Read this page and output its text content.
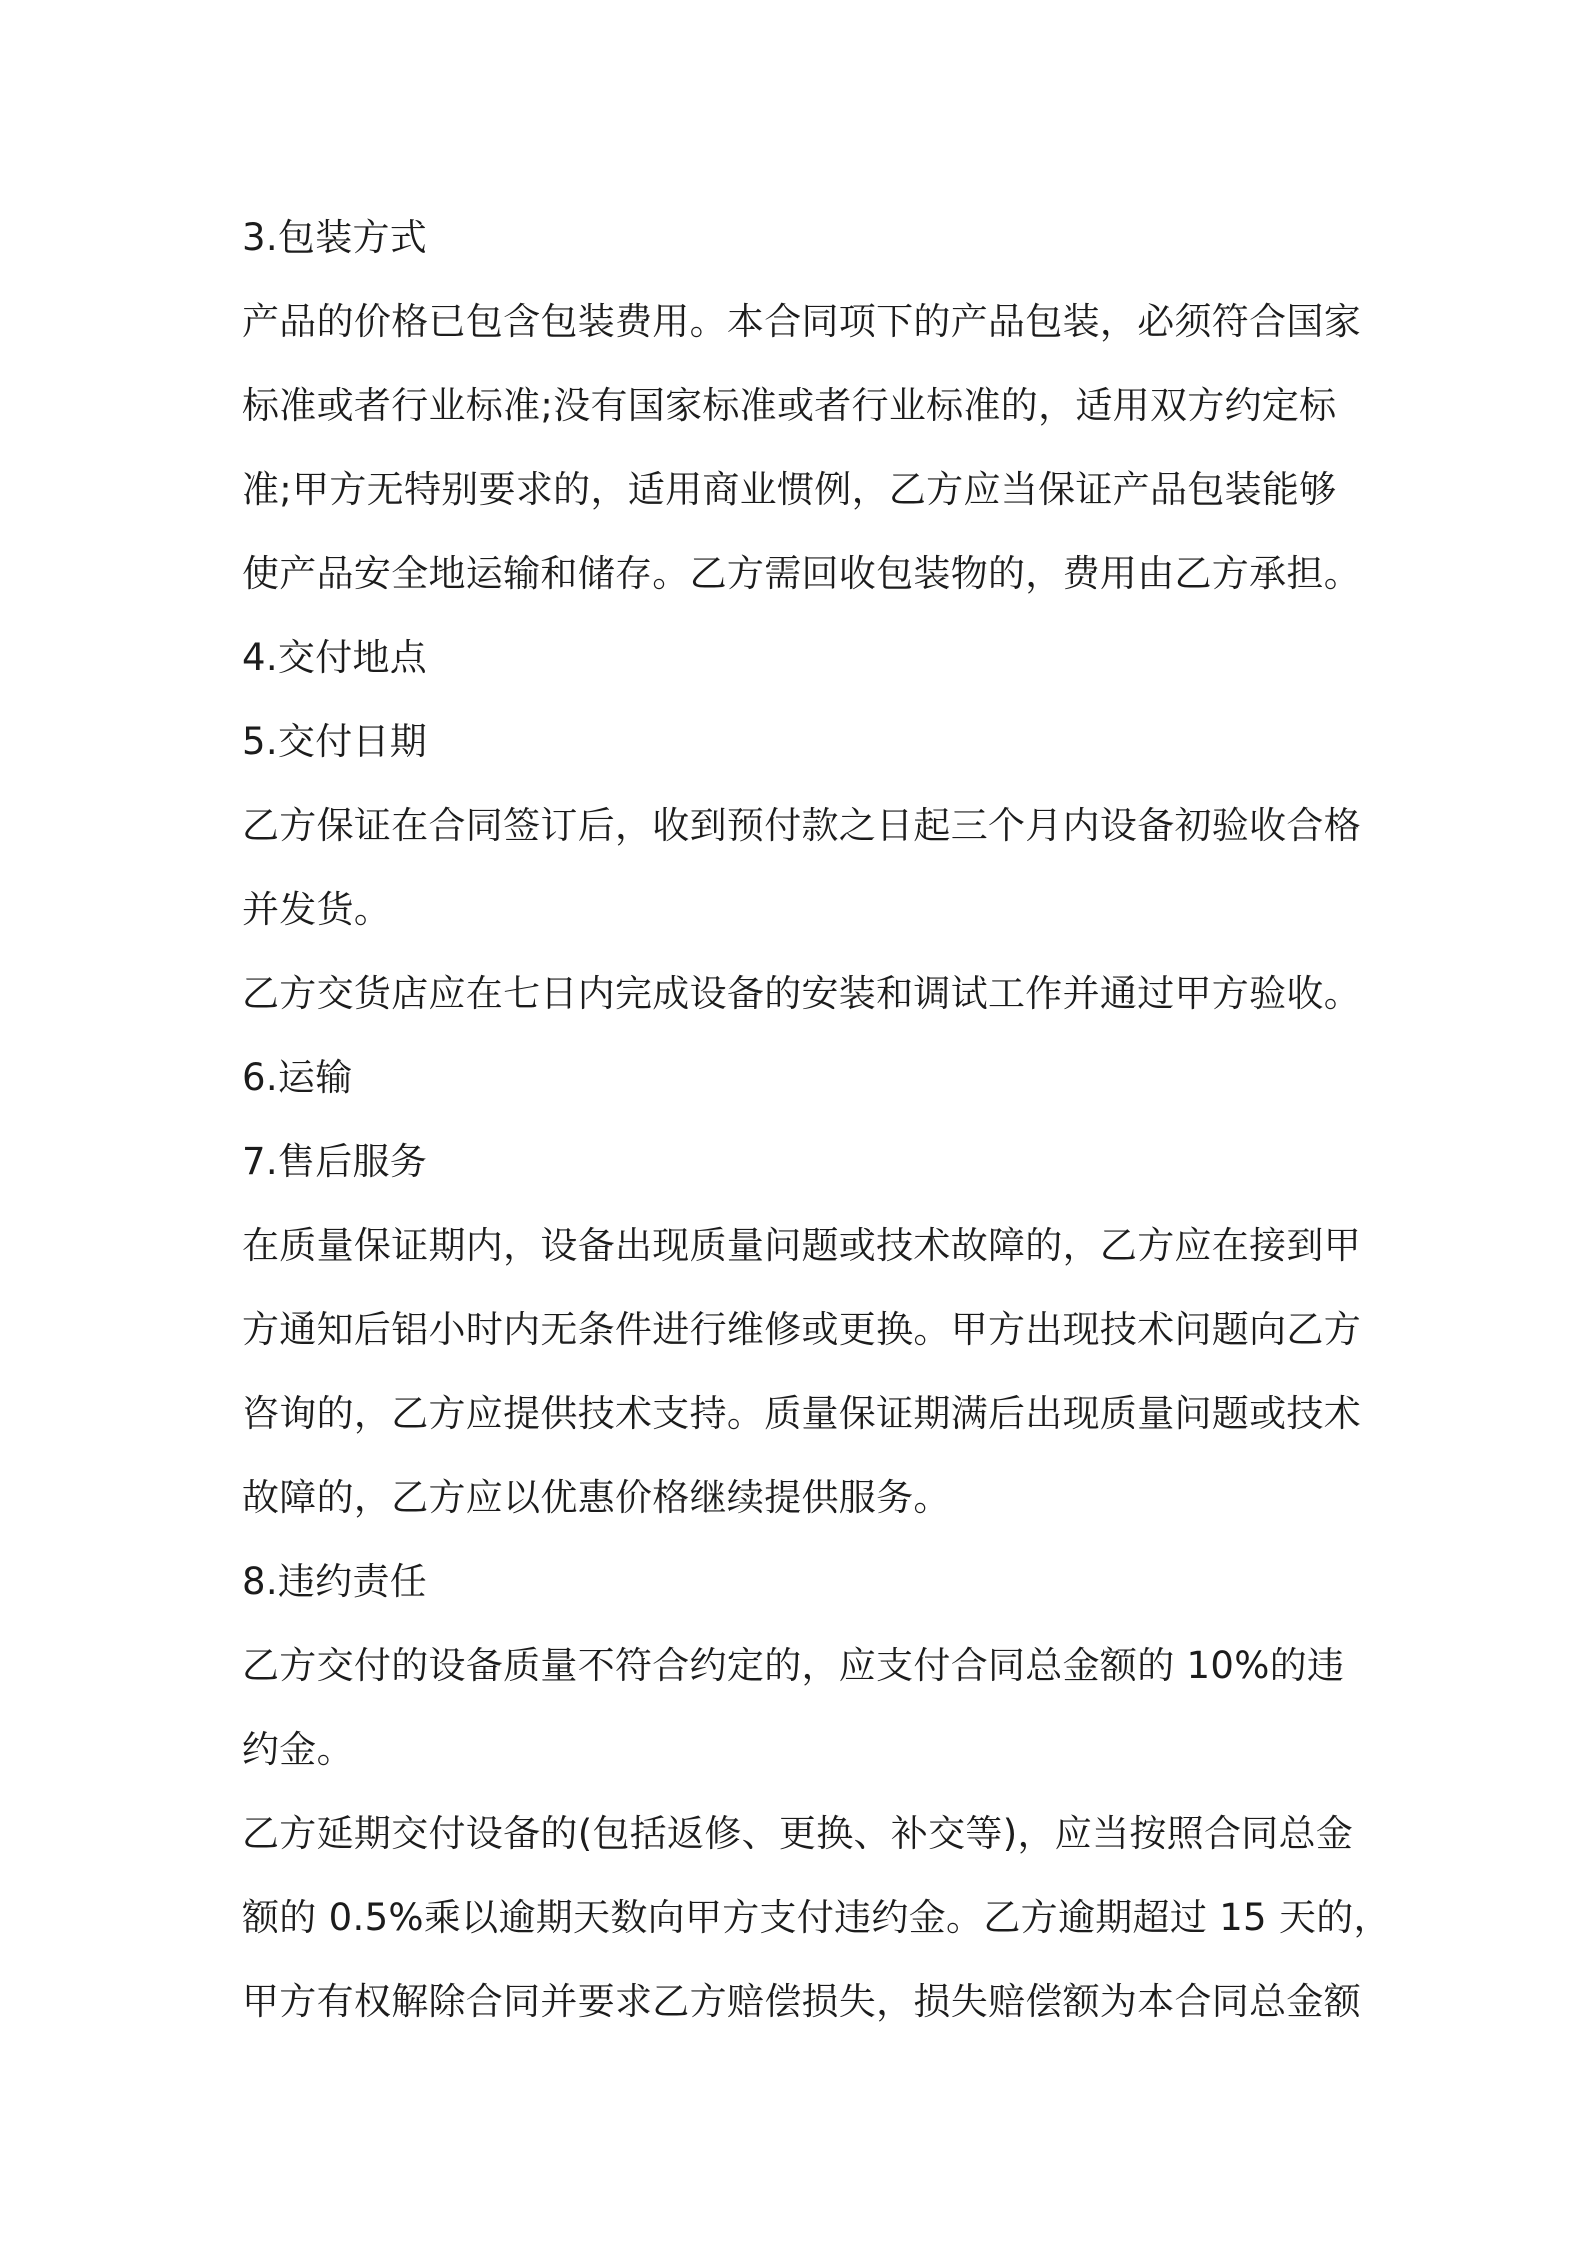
3.包装方式
产品的价格已包含包装费用。本合同项下的产品包装，必须符合国家
标准或者行业标准;没有国家标准或者行业标准的，适用双方约定标
准;甲方无特别要求的，适用商业惯例，乙方应当保证产品包装能够
使产品安全地运输和储存。乙方需回收包装物的，费用由乙方承担。
4.交付地点
5.交付日期
乙方保证在合同签订后，收到预付款之日起三个月内设备初验收合格
并发货。
乙方交货店应在七日内完成设备的安装和调试工作并通过甲方验收。
6.运输
7.售后服务
在质量保证期内，设备出现质量问题或技术故障的，乙方应在接到甲
方通知后铝小时内无条件进行维修或更换。甲方出现技术问题向乙方
咨询的，乙方应提供技术支持。质量保证期满后出现质量问题或技术
故障的，乙方应以优惠价格继续提供服务。
8.违约责任
乙方交付的设备质量不符合约定的，应支付合同总金额的 10%的违
约金。
乙方延期交付设备的(包括返修、更换、补交等)，应当按照合同总金
额的 0.5%乘以逾期天数向甲方支付违约金。乙方逾期超过 15 天的，
甲方有权解除合同并要求乙方赔偿损失，损失赔偿额为本合同总金额
